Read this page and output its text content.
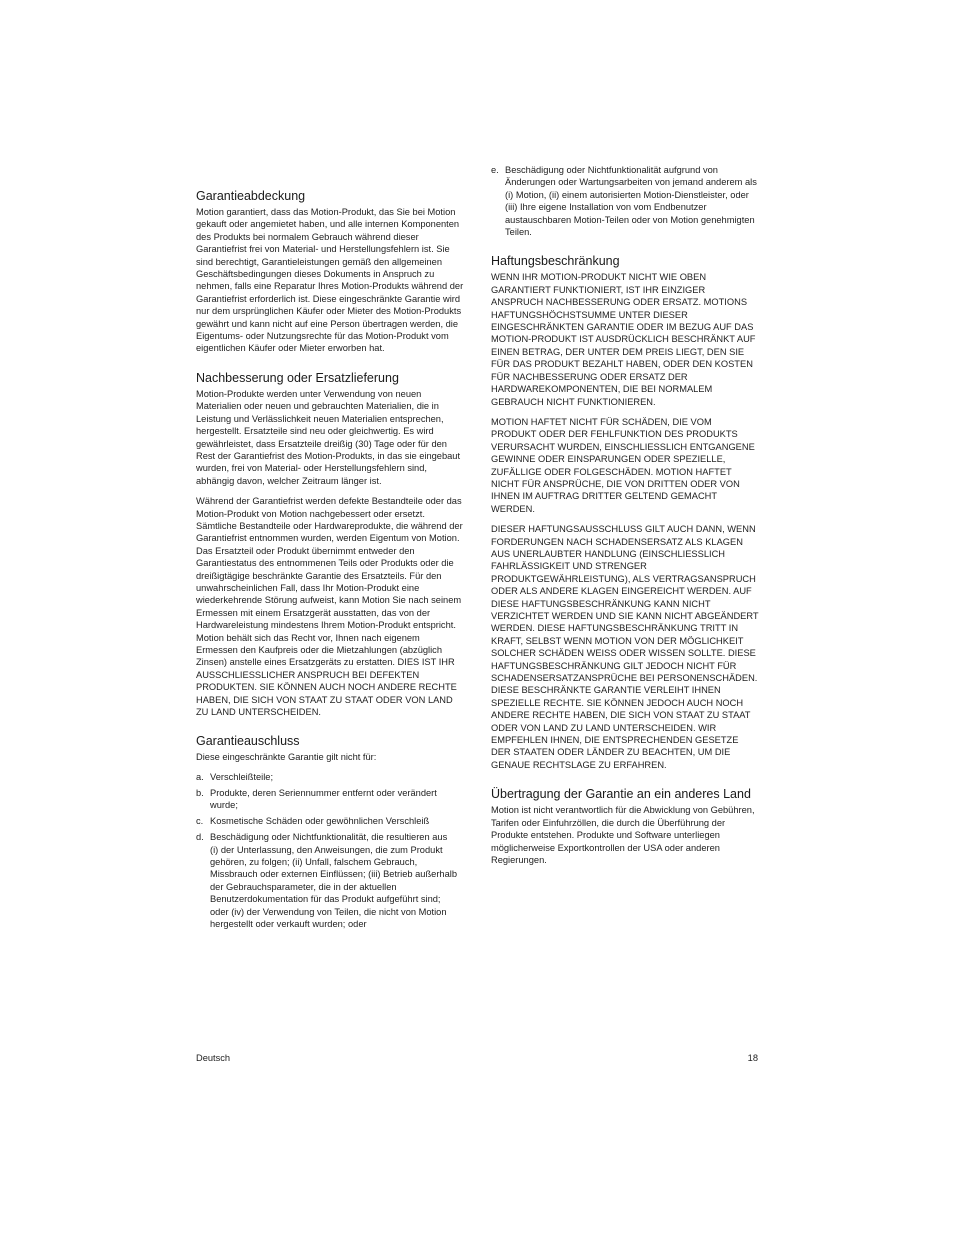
Garantieabdeckung

Motion garantiert, dass das Motion-Produkt, das Sie bei Motion gekauft oder angemietet haben, und alle internen Komponenten des Produkts bei normalem Gebrauch während dieser Garantiefrist frei von Material- und Herstellungsfehlern ist. Sie sind berechtigt, Garantieleistungen gemäß den allgemeinen Geschäftsbedingungen dieses Dokuments in Anspruch zu nehmen, falls eine Reparatur Ihres Motion-Produkts während der Garantiefrist erforderlich ist. Diese eingeschränkte Garantie wird nur dem ursprünglichen Käufer oder Mieter des Motion-Produkts gewährt und kann nicht auf eine Person übertragen werden, die Eigentums- oder Nutzungsrechte für das Motion-Produkt vom eigentlichen Käufer oder Mieter erworben hat.

Nachbesserung oder Ersatzlieferung

Motion-Produkte werden unter Verwendung von neuen Materialien oder neuen und gebrauchten Materialien, die in Leistung und Verlässlichkeit neuen Materialien entsprechen, hergestellt. Ersatzteile sind neu oder gleichwertig. Es wird gewährleistet, dass Ersatzteile dreißig (30) Tage oder für den Rest der Garantiefrist des Motion-Produkts, in das sie eingebaut wurden, frei von Material- oder Herstellungsfehlern sind, abhängig davon, welcher Zeitraum länger ist.

Während der Garantiefrist werden defekte Bestandteile oder das Motion-Produkt von Motion nachgebessert oder ersetzt. Sämtliche Bestandteile oder Hardwareprodukte, die während der Garantiefrist entnommen wurden, werden Eigentum von Motion. Das Ersatzteil oder Produkt übernimmt entweder den Garantiestatus des entnommenen Teils oder Produkts oder die dreißigtägige beschränkte Garantie des Ersatzteils. Für den unwahrscheinlichen Fall, dass Ihr Motion-Produkt eine wiederkehrende Störung aufweist, kann Motion Sie nach seinem Ermessen mit einem Ersatzgerät ausstatten, das von der Hardwareleistung mindestens Ihrem Motion-Produkt entspricht. Motion behält sich das Recht vor, Ihnen nach eigenem Ermessen den Kaufpreis oder die Mietzahlungen (abzüglich Zinsen) anstelle eines Ersatzgeräts zu erstatten. DIES IST IHR AUSSCHLIESSLICHER ANSPRUCH BEI DEFEKTEN PRODUKTEN. SIE KÖNNEN AUCH NOCH ANDERE RECHTE HABEN, DIE SICH VON STAAT ZU STAAT ODER VON LAND ZU LAND UNTERSCHEIDEN.

Garantieauschluss

Diese eingeschränkte Garantie gilt nicht für:

a. Verschleißteile;
b. Produkte, deren Seriennummer entfernt oder verändert wurde;
c. Kosmetische Schäden oder gewöhnlichen Verschleiß
d. Beschädigung oder Nichtfunktionalität, die resultieren aus
(i) der Unterlassung, den Anweisungen, die zum Produkt gehören, zu folgen; (ii) Unfall, falschem Gebrauch, Missbrauch oder externen Einflüssen; (iii) Betrieb außerhalb der Gebrauchsparameter, die in der aktuellen Benutzerdokumentation für das Produkt aufgeführt sind;
oder (iv) der Verwendung von Teilen, die nicht von Motion hergestellt oder verkauft wurden; oder
e. Beschädigung oder Nichtfunktionalität aufgrund von Änderungen oder Wartungsarbeiten von jemand anderem als (i) Motion, (ii) einem autorisierten Motion-Dienstleister, oder
(iii) Ihre eigene Installation von vom Endbenutzer austauschbaren Motion-Teilen oder von Motion genehmigten Teilen.
Haftungsbeschränkung

WENN IHR MOTION-PRODUKT NICHT WIE OBEN GARANTIERT FUNKTIONIERT, IST IHR EINZIGER ANSPRUCH NACHBESSERUNG ODER ERSATZ. MOTIONS HAFTUNGSHÖCHSTSUMME UNTER DIESER EINGESCHRÄNKTEN GARANTIE ODER IM BEZUG AUF DAS MOTION-PRODUKT IST AUSDRÜCKLICH BESCHRÄNKT AUF EINEN BETRAG, DER UNTER DEM PREIS LIEGT, DEN SIE FÜR DAS PRODUKT BEZAHLT HABEN, ODER DEN KOSTEN FÜR NACHBESSERUNG ODER ERSATZ DER HARDWAREKOMPONENTEN, DIE BEI NORMALEM GEBRAUCH NICHT FUNKTIONIEREN.

MOTION HAFTET NICHT FÜR SCHÄDEN, DIE VOM PRODUKT ODER DER FEHLFUNKTION DES PRODUKTS VERURSACHT WURDEN, EINSCHLIESSLICH ENTGANGENE GEWINNE ODER EINSPARUNGEN ODER SPEZIELLE, ZUFÄLLIGE ODER FOLGESCHÄDEN. MOTION HAFTET NICHT FÜR ANSPRÜCHE, DIE VON DRITTEN ODER VON IHNEN IM AUFTRAG DRITTER GELTEND GEMACHT WERDEN.

DIESER HAFTUNGSAUSSCHLUSS GILT AUCH DANN, WENN FORDERUNGEN NACH SCHADENSERSATZ ALS KLAGEN AUS UNERLAUBTER HANDLUNG (EINSCHLIESSLICH FAHRLÄSSIGKEIT UND STRENGER PRODUKTGEWÄHRLEISTUNG), ALS VERTRAGSANSPRUCH ODER ALS ANDERE KLAGEN EINGEREICHT WERDEN. AUF DIESE HAFTUNGSBESCHRÄNKUNG KANN NICHT VERZICHTET WERDEN UND SIE KANN NICHT ABGEÄNDERT WERDEN. DIESE HAFTUNGSBESCHRÄNKUNG TRITT IN KRAFT, SELBST WENN MOTION VON DER MÖGLICHKEIT SOLCHER SCHÄDEN WEISS ODER WISSEN SOLLTE. DIESE HAFTUNGSBESCHRÄNKUNG GILT JEDOCH NICHT FÜR SCHADENSERSATZANSPRÜCHE BEI PERSONENSCHÄDEN. DIESE BESCHRÄNKTE GARANTIE VERLEIHT IHNEN SPEZIELLE RECHTE. SIE KÖNNEN JEDOCH AUCH NOCH ANDERE RECHTE HABEN, DIE SICH VON STAAT ZU STAAT ODER VON LAND ZU LAND UNTERSCHEIDEN. WIR EMPFEHLEN IHNEN, DIE ENTSPRECHENDEN GESETZE DER STAATEN ODER LÄNDER ZU BEACHTEN, UM DIE GENAUE RECHTSLAGE ZU ERFAHREN.

Übertragung der Garantie an ein anderes Land

Motion ist nicht verantwortlich für die Abwicklung von Gebühren, Tarifen oder Einfuhrzöllen, die durch die Überführung der Produkte entstehen. Produkte und Software unterliegen möglicherweise Exportkontrollen der USA oder anderen Regierungen.

Deutsch	18
